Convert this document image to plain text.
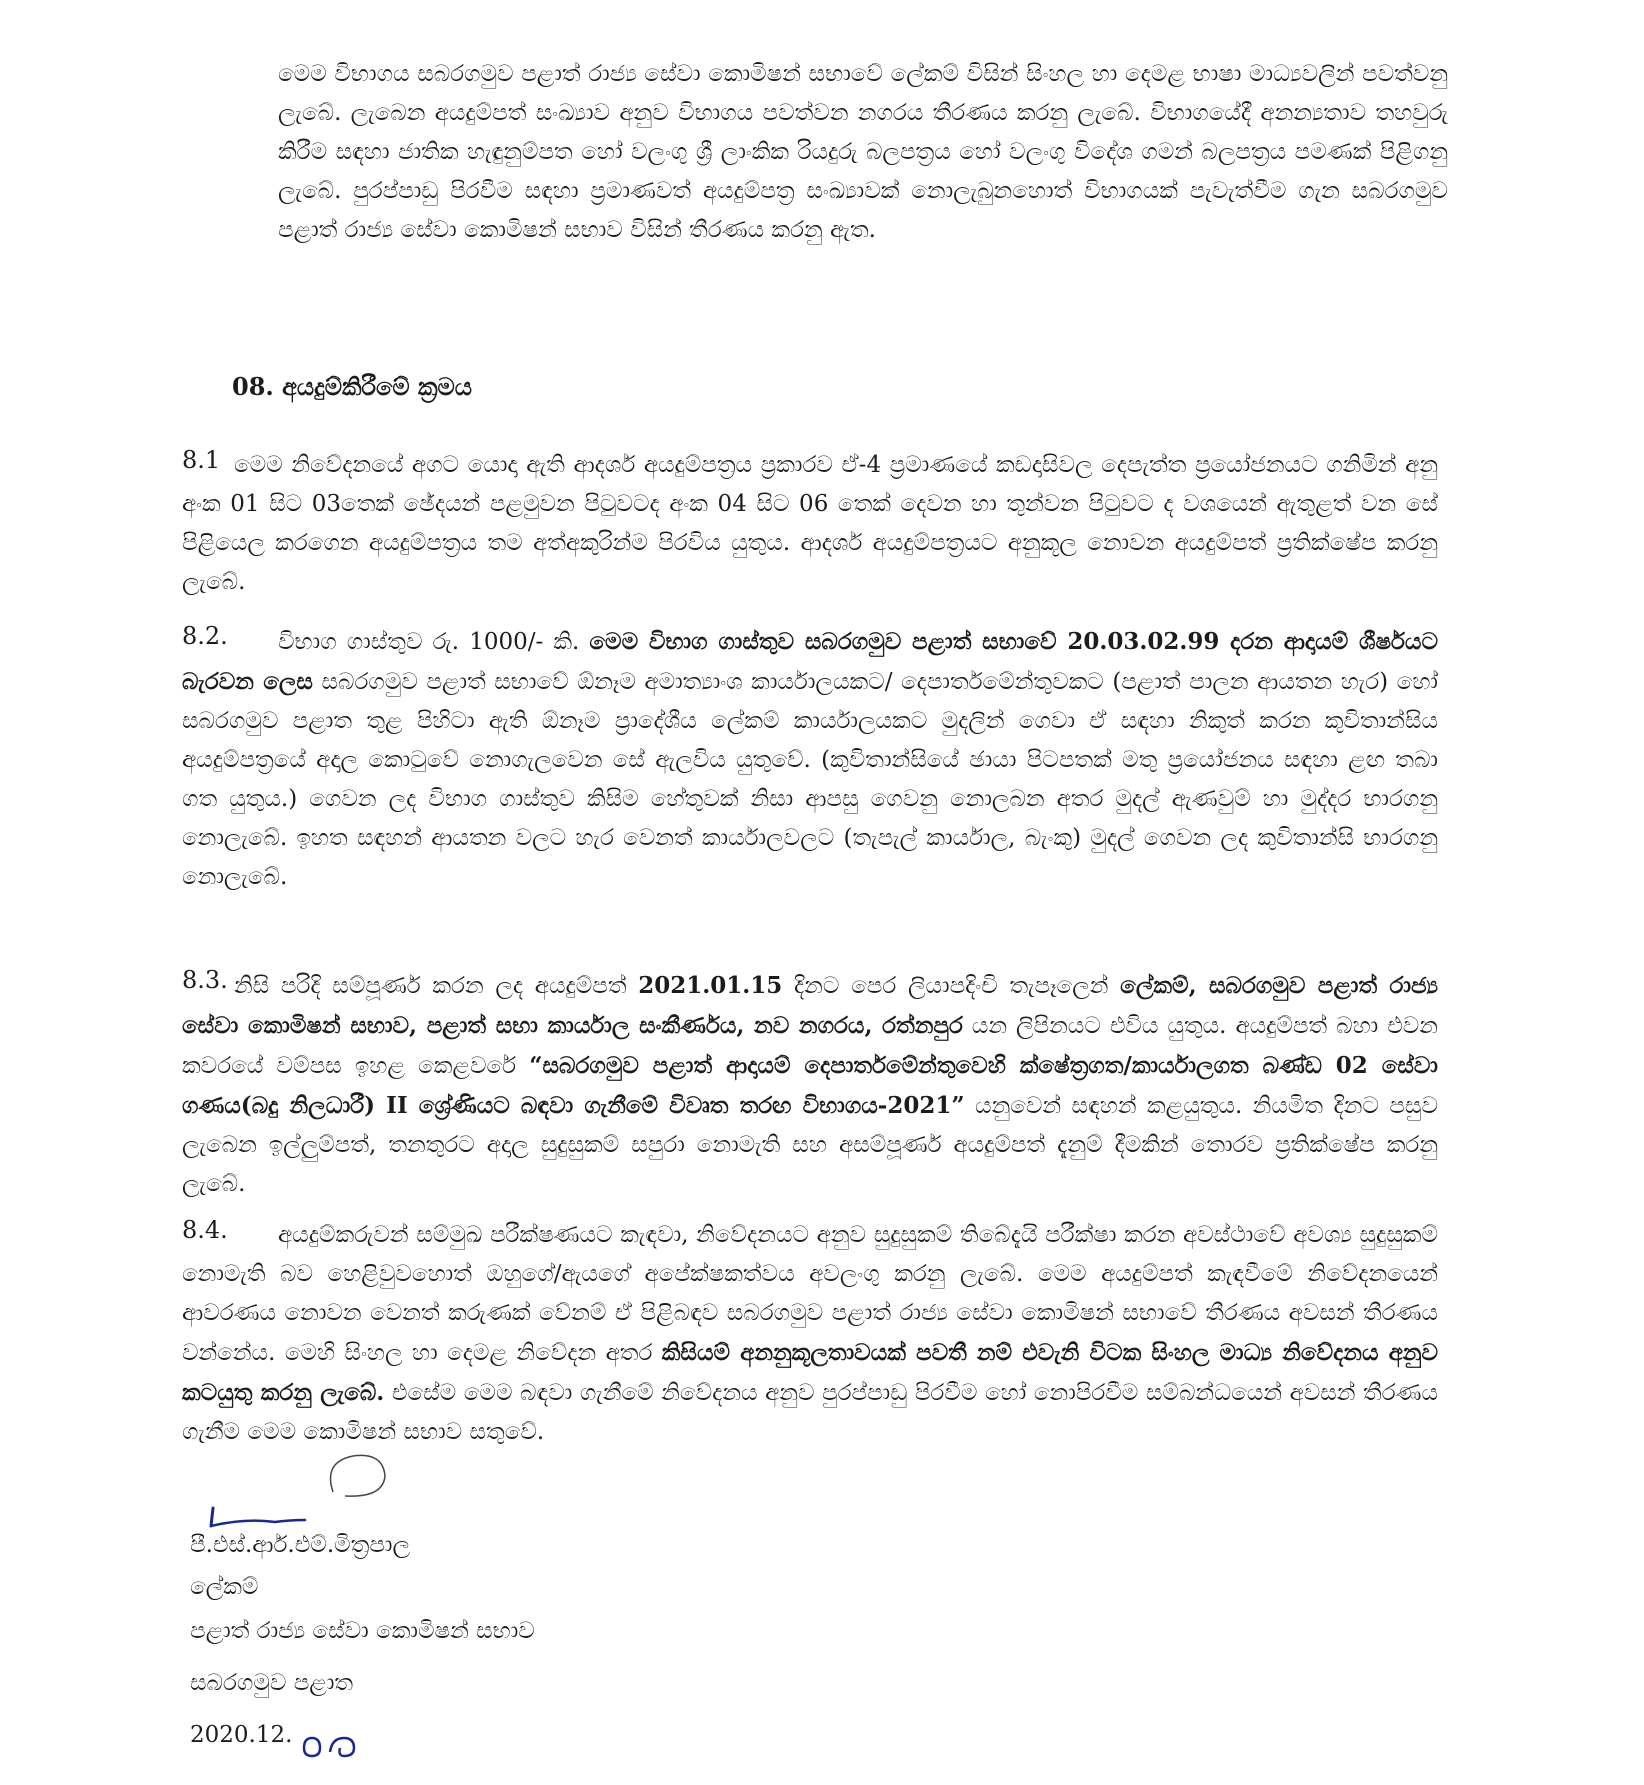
මෙම විභාගය සබරගමුව පළාත් රාජ්‍ය සේවා කොමිෂන් සභාවේ ලේකම් විසින් සිංහල හා දෙමළ භාෂා මාධ්‍යවලින් පවත්වනු ලැබේ. ලැබෙන අයදුම්පත් සංඛ්‍යාව අනුව විභාගය පවත්වන නගරය තීරණය කරනු ලැබේ. විභාගයේදී අනන්‍යතාව තහවුරු කිරීම සඳහා ජාතික හැඳුනුම්පත හෝ වලංගු ශ්‍රී ලාංකික රියදුරු බලපත්‍රය හෝ වලංගු විදේශ ගමන් බලපත්‍රය පමණක් පිළිගනු ලැබේ. පුරප්පාඩු පිරවීම සඳහා ප්‍රමාණවත් අයදුම්පත්‍ර සංඛ්‍යාවක් නොලැබුනහොත් විභාගයක් පැවැත්වීම ගැන සබරගමුව පළාත් රාජ්‍ය සේවා කොමිෂන් සභාව විසින් තීරණය කරනු ඇත.
08. අයදුම්කිරීමේ ක්‍රමය
8.1 මෙම නිවේදනයේ අගට යොදා ඇති ආදර්ශ අයදුම්පත්‍රය ප්‍රකාරව ඒ-4 ප්‍රමාණයේ කඩදාසිවල දෙපැත්ත ප්‍රයෝජනයට ගනිමින් අනු අංක 01 සිට 03තෙක් ඡේදයන් පළමුවන පිටුවටද අංක 04 සිට 06 තෙක් දෙවන හා තුන්වන පිටුවට ද වශයෙන් ඇතුළත් වන සේ පිළියෙල කරගෙන අයදුම්පත්‍රය තම අත්අකුරින්ම පිරවිය යුතුය. ආදර්ශ අයදුම්පත්‍රයට අනුකූල නොවන අයදුම්පත් ප්‍රතික්ෂේප කරනු ලැබේ.
8.2.	විභාග ගාස්තුව රු. 1000/- කි. මෙම විභාග ගාස්තුව සබරගමුව පළාත් සභාවේ 20.03.02.99 දරන ආදායම් ශීර්ෂයට බැරවන ලෙස සබරගමුව පළාත් සභාවේ ඕනෑම අමාත්‍යාංශ කාර්යාලයකට/ දෙපාර්තමේන්තුවකට (පළාත් පාලන ආයතන හැර) හෝ සබරගමුව පළාත තුළ පිහිටා ඇති ඕනෑම ප්‍රාදේශීය ලේකම් කාර්යාලයකට මුදලින් ගෙවා ඒ සඳහා නිකුත් කරන කුවිතාන්සිය අයදුම්පත්‍රයේ අදාල කොටුවේ නොගැලවෙන සේ ඇලවිය යුතුවේ. (කුවිතාන්සියේ ඡායා පිටපතක් මතු ප්‍රයෝජනය සඳහා ළඟ තබා ගත යුතුය.) ගෙවන ලද විභාග ගාස්තුව කිසිම හේතුවක් නිසා ආපසු ගෙවනු නොලබන අතර මුදල් ඇණවුම් හා මුද්දර භාරගනු නොලැබේ. ඉහත සඳහන් ආයතන වලට හැර වෙනත් කාර්යාලවලට (තැපැල් කාර්යාල, බැංකු) මුදල් ගෙවන ලද කුවිතාන්සි භාරගනු නොලැබේ.
8.3. නිසි පරිදි සම්පූර්ණ කරන ලද අයදුම්පත් 2021.01.15 දිනට පෙර ලියාපදිංචි තැපෑලෙන් ලේකම්, සබරගමුව පළාත් රාජ්‍ය සේවා කොමිෂන් සභාව, පළාත් සභා කාර්යාල සංකීර්ණය, නව නගරය, රත්නපුර යන ලිපිනයට එවිය යුතුය. අයදුම්පත් බහා එවන කවරයේ වම්පස ඉහළ කෙළවරේ “සබරගමුව පළාත් ආදායම් දෙපාර්තමේන්තුවෙහි ක්ෂේත්‍රගත/කාර්යාලගත බණ්ඩ 02 සේවා ගණය(බදු නිලධාරී) II ශ්‍රේණියට බඳවා ගැනීමේ විවෘත තරඟ විභාගය-2021” යනුවෙන් සඳහන් කළයුතුය. නියමිත දිනට පසුව ලැබෙන ඉල්ලුම්පත්, තනතුරට අදාල සුදුසුකම් සපුරා නොමැති සහ අසම්පූර්ණ අයදුම්පත් දැනුම් දීමකින් තොරව ප්‍රතික්ෂේප කරනු ලැබේ.
8.4.	අයදුම්කරුවන් සම්මුඛ පරීක්ෂණයට කැඳවා, නිවේදනයට අනුව සුදුසුකම් තිබේදැයි පරීක්ෂා කරන අවස්ථාවේ අවශ්‍ය සුදුසුකම් නොමැති බව හෙළිවුවහොත් ඔහුගේ/ඇයගේ අපේක්ෂකත්වය අවලංගු කරනු ලැබේ. මෙම අයදුම්පත් කැඳවීමේ නිවේදනයෙන් ආවරණය නොවන වෙනත් කරුණක් වේනම් ඒ පිළිබඳව සබරගමුව පළාත් රාජ්‍ය සේවා කොමිෂන් සභාවේ තීරණය අවසන් තීරණය වන්නේය. මෙහි සිංහල හා දෙමළ නිවේදන අතර කිසියම් අනනුකූලතාවයක් පවතී නම් එවැනි විටක සිංහල මාධ්‍ය නිවේදනය අනුව කටයුතු කරනු ලැබේ. එසේම මෙම බඳවා ගැනීමේ නිවේදනය අනුව පුරප්පාඩු පිරවීම හෝ නොපිරවීම සම්බන්ධයෙන් අවසන් තීරණය ගැනීම මෙම කොමිෂන් සභාව සතුවේ.
පී.එස්.ආර්.එම්.මිත්‍රපාල
ලේකම්
පළාත් රාජ්‍ය සේවා කොමිෂන් සභාව
සබරගමුව පළාත
2020.12.
